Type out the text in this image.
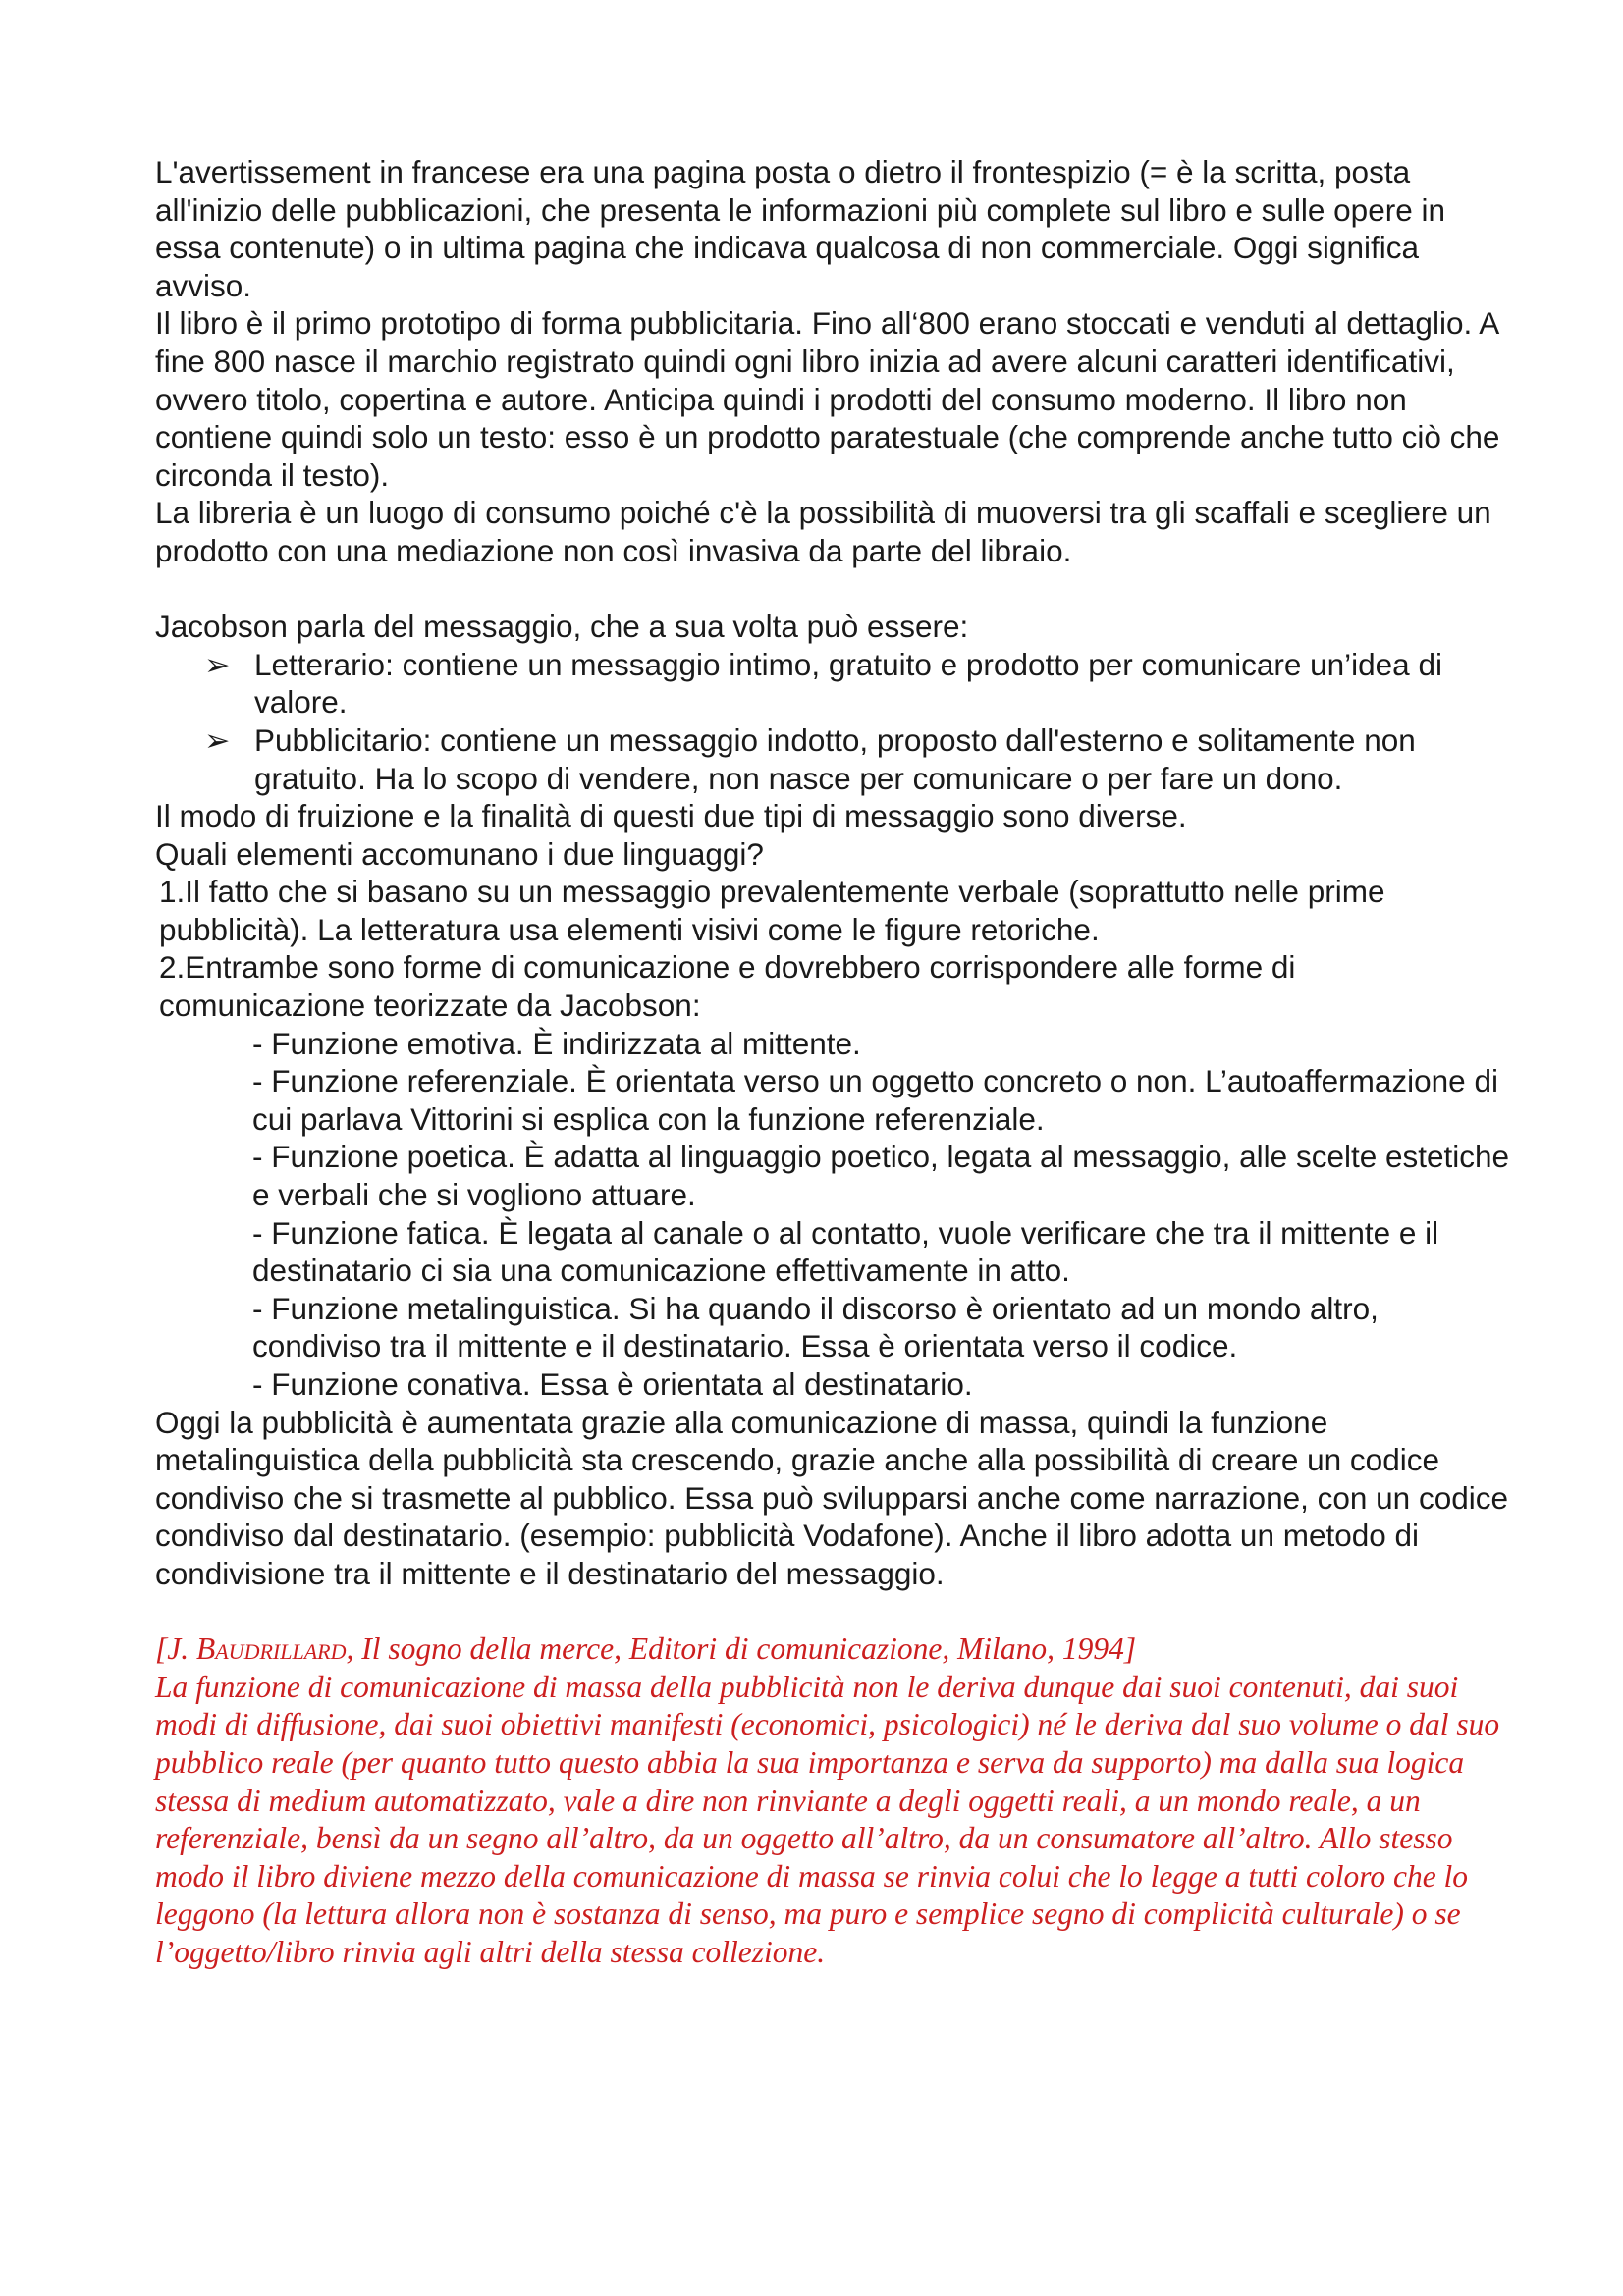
L'avertissement in francese era una pagina posta o dietro il frontespizio (= è la scritta, posta all'inizio delle pubblicazioni, che presenta le informazioni più complete sul libro e sulle opere in essa contenute) o in ultima pagina che indicava qualcosa di non commerciale. Oggi significa avviso.

Il libro è il primo prototipo di forma pubblicitaria. Fino all‘800 erano stoccati e venduti al dettaglio. A fine 800 nasce il marchio registrato quindi ogni libro inizia ad avere alcuni caratteri identificativi, ovvero titolo, copertina e autore. Anticipa quindi i prodotti del consumo moderno. Il libro non contiene quindi solo un testo: esso è un prodotto paratestuale (che comprende anche tutto ciò che circonda il testo).

La libreria è un luogo di consumo poiché c'è la possibilità di muoversi tra gli scaffali e scegliere un prodotto con una mediazione non così invasiva da parte del libraio.

Jacobson parla del messaggio, che a sua volta può essere:

➢ Letterario: contiene un messaggio intimo, gratuito e prodotto per comunicare un’idea di valore.
➢ Pubblicitario: contiene un messaggio indotto, proposto dall'esterno e solitamente non gratuito. Ha lo scopo di vendere, non nasce per comunicare o per fare un dono.

Il modo di fruizione e la finalità di questi due tipi di messaggio sono diverse.

Quali elementi accomunano i due linguaggi?

1.Il fatto che si basano su un messaggio prevalentemente verbale (soprattutto nelle prime pubblicità). La letteratura usa elementi visivi come le figure retoriche.

2.Entrambe sono forme di comunicazione e dovrebbero corrispondere alle forme di comunicazione teorizzate da Jacobson:

- Funzione emotiva. È indirizzata al mittente.

- Funzione referenziale. È orientata verso un oggetto concreto o non. L’autoaffermazione di cui parlava Vittorini si esplica con la funzione referenziale.

- Funzione poetica. È adatta al linguaggio poetico, legata al messaggio, alle scelte estetiche e verbali che si vogliono attuare.

- Funzione fatica. È legata al canale o al contatto, vuole verificare che tra il mittente e il destinatario ci sia una comunicazione effettivamente in atto.

- Funzione metalinguistica. Si ha quando il discorso è orientato ad un mondo altro, condiviso tra il mittente e il destinatario. Essa è orientata verso il codice.

- Funzione conativa. Essa è orientata al destinatario.

Oggi la pubblicità è aumentata grazie alla comunicazione di massa, quindi la funzione metalinguistica della pubblicità sta crescendo, grazie anche alla possibilità di creare un codice condiviso che si trasmette al pubblico. Essa può svilupparsi anche come narrazione, con un codice condiviso dal destinatario. (esempio: pubblicità Vodafone). Anche il libro adotta un metodo di condivisione tra il mittente e il destinatario del messaggio.

[J. Baudrillard, Il sogno della merce, Editori di comunicazione, Milano, 1994]

La funzione di comunicazione di massa della pubblicità non le deriva dunque dai suoi contenuti, dai suoi modi di diffusione, dai suoi obiettivi manifesti (economici, psicologici) né le deriva dal suo volume o dal suo pubblico reale (per quanto tutto questo abbia la sua importanza e serva da supporto) ma dalla sua logica stessa di medium automatizzato, vale a dire non rinviante a degli oggetti reali, a un mondo reale, a un referenziale, bensì da un segno all’altro, da un oggetto all’altro, da un consumatore all’altro. Allo stesso modo il libro diviene mezzo della comunicazione di massa se rinvia colui che lo legge a tutti coloro che lo leggono (la lettura allora non è sostanza di senso, ma puro e semplice segno di complicità culturale) o se l’oggetto/libro rinvia agli altri della stessa collezione.
